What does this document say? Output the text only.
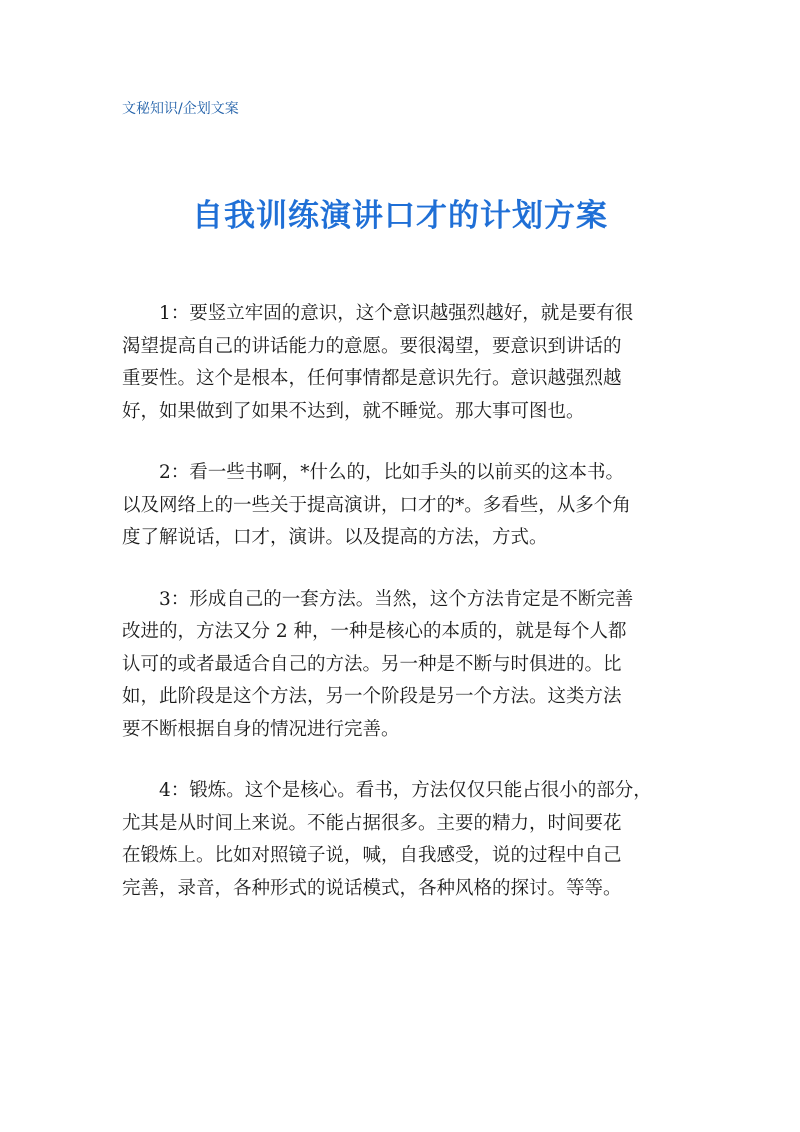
文秘知识/企划文案
自我训练演讲口才的计划方案
1：要竖立牢固的意识，这个意识越强烈越好，就是要有很
渴望提高自己的讲话能力的意愿。要很渴望，要意识到讲话的
重要性。这个是根本，任何事情都是意识先行。意识越强烈越
好，如果做到了如果不达到，就不睡觉。那大事可图也。
2：看一些书啊，*什么的，比如手头的以前买的这本书。
以及网络上的一些关于提高演讲，口才的*。多看些，从多个角
度了解说话，口才，演讲。以及提高的方法，方式。
3：形成自己的一套方法。当然，这个方法肯定是不断完善
改进的，方法又分 2 种，一种是核心的本质的，就是每个人都
认可的或者最适合自己的方法。另一种是不断与时俱进的。比
如，此阶段是这个方法，另一个阶段是另一个方法。这类方法
要不断根据自身的情况进行完善。
4：锻炼。这个是核心。看书，方法仅仅只能占很小的部分，
尤其是从时间上来说。不能占据很多。主要的精力，时间要花
在锻炼上。比如对照镜子说，喊，自我感受，说的过程中自己
完善，录音，各种形式的说话模式，各种风格的探讨。等等。
